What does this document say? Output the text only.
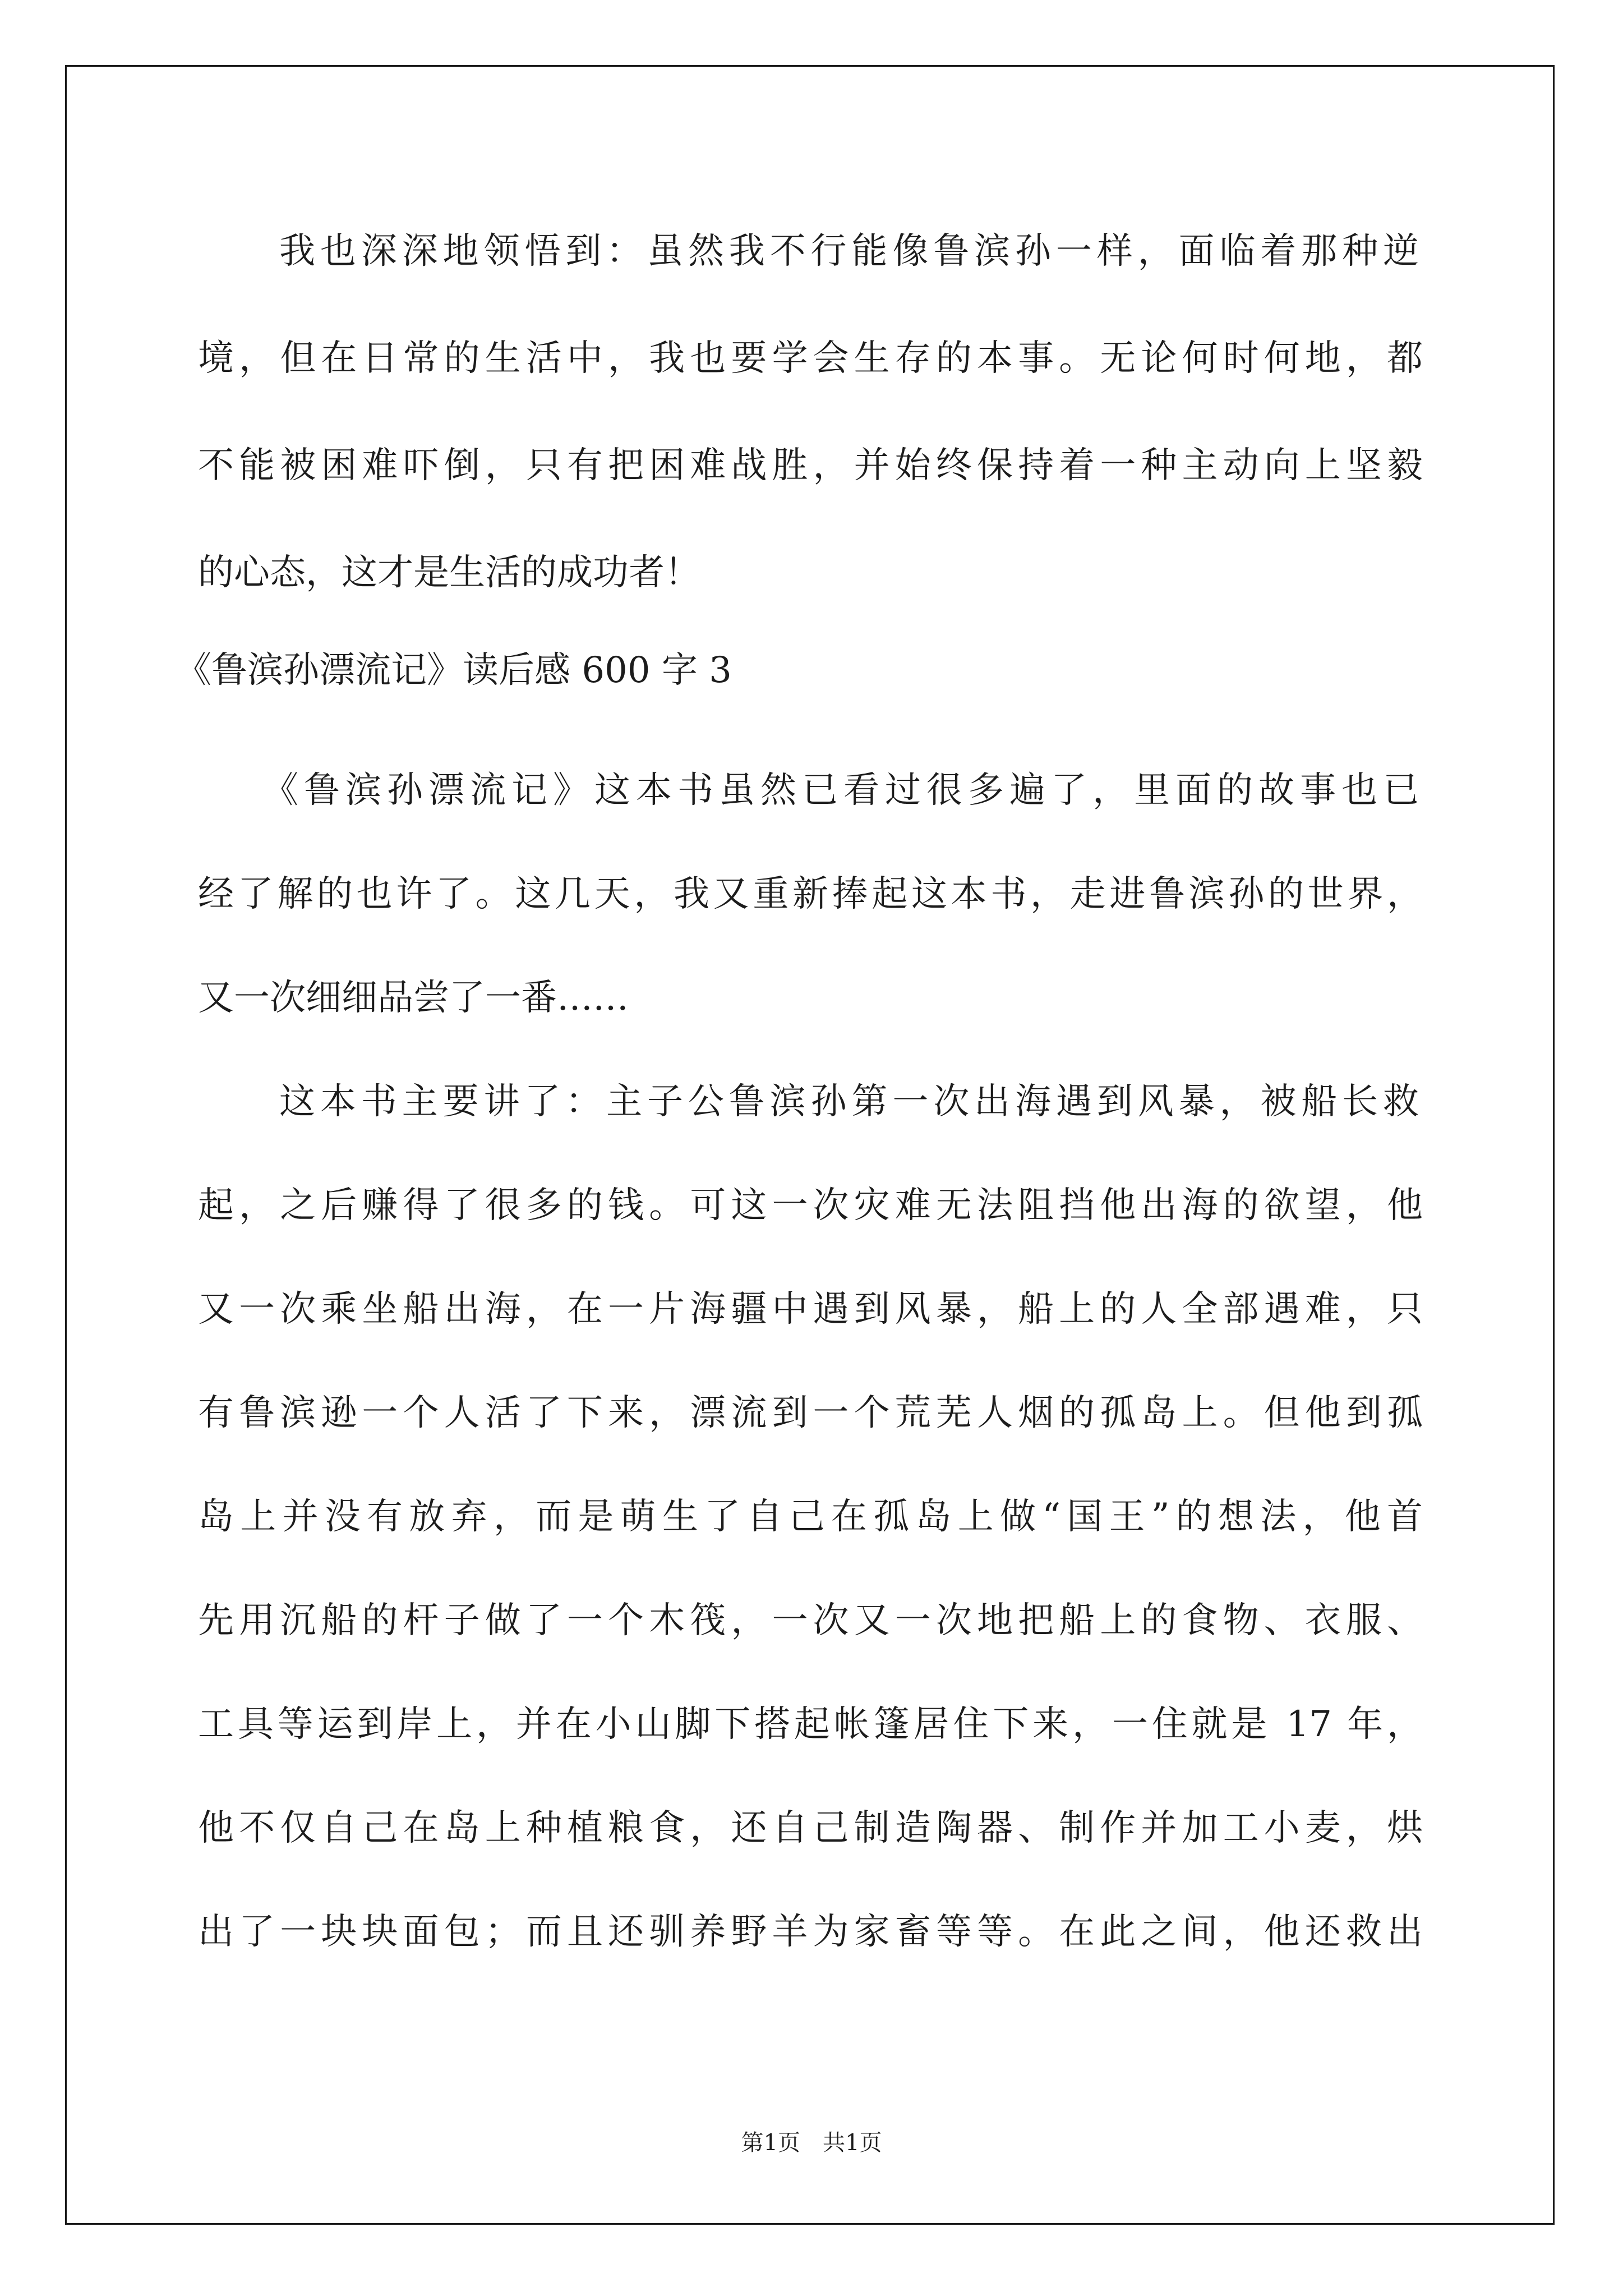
我也深深地领悟到：虽然我不行能像鲁滨孙一样，面临着那种逆

境，但在日常的生活中，我也要学会生存的本事。无论何时何地，都

不能被困难吓倒，只有把困难战胜，并始终保持着一种主动向上坚毅

的心态，这才是生活的成功者！

《鲁滨孙漂流记》读后感 600 字 3

《鲁滨孙漂流记》这本书虽然已看过很多遍了，里面的故事也已

经了解的也许了。这几天，我又重新捧起这本书，走进鲁滨孙的世界，

又一次细细品尝了一番……

这本书主要讲了：主子公鲁滨孙第一次出海遇到风暴，被船长救

起，之后赚得了很多的钱。可这一次灾难无法阻挡他出海的欲望，他

又一次乘坐船出海，在一片海疆中遇到风暴，船上的人全部遇难，只

有鲁滨逊一个人活了下来，漂流到一个荒芜人烟的孤岛上。但他到孤

岛上并没有放弃，而是萌生了自己在孤岛上做“国王”的想法，他首

先用沉船的杆子做了一个木筏，一次又一次地把船上的食物、衣服、

工具等运到岸上，并在小山脚下搭起帐篷居住下来，一住就是 17 年，

他不仅自己在岛上种植粮食，还自己制造陶器、制作并加工小麦，烘

出了一块块面包；而且还驯养野羊为家畜等等。在此之间，他还救出

第1页　共1页
